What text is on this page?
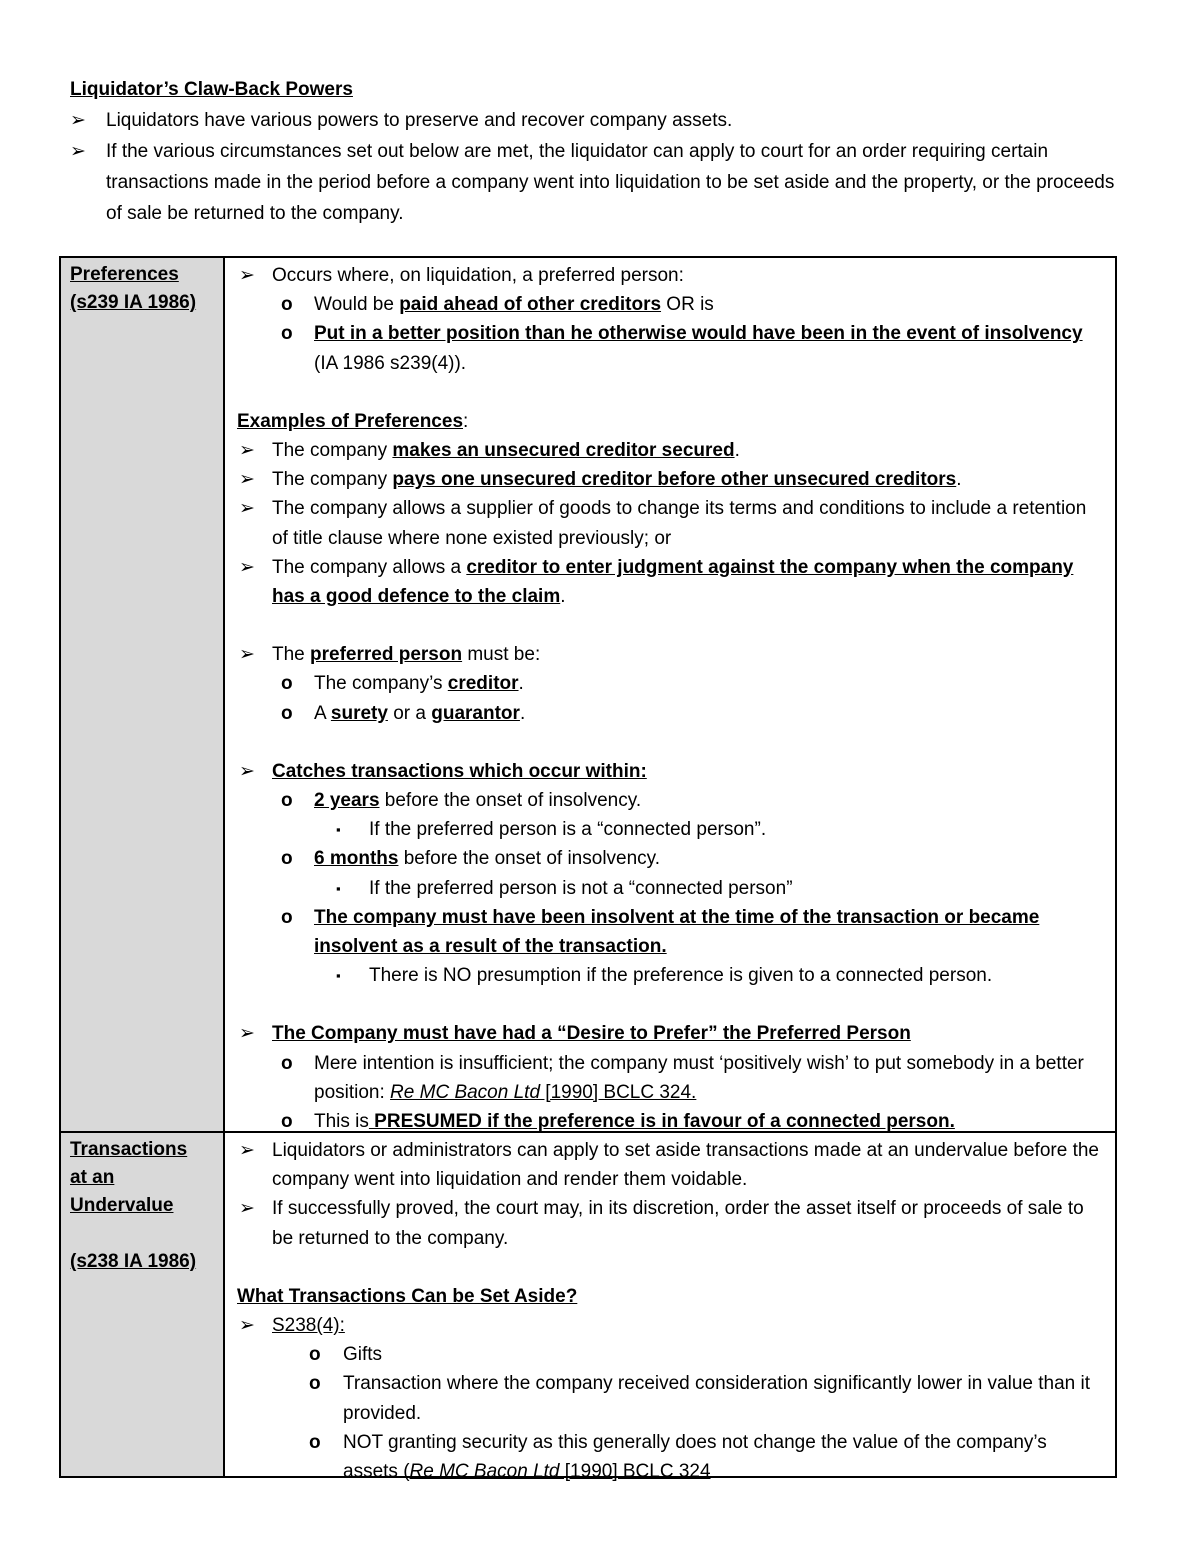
Liquidator’s Claw-Back Powers
➢ Liquidators have various powers to preserve and recover company assets.
➢ If the various circumstances set out below are met, the liquidator can apply to court for an order requiring certain transactions made in the period before a company went into liquidation to be set aside and the property, or the proceeds of sale be returned to the company.
Preferences
(s239 IA 1986)
➢ Occurs where, on liquidation, a preferred person:
o Would be paid ahead of other creditors OR is
o Put in a better position than he otherwise would have been in the event of insolvency (IA 1986 s239(4)).
Examples of Preferences:
➢ The company makes an unsecured creditor secured.
➢ The company pays one unsecured creditor before other unsecured creditors.
➢ The company allows a supplier of goods to change its terms and conditions to include a retention of title clause where none existed previously; or
➢ The company allows a creditor to enter judgment against the company when the company has a good defence to the claim.
➢ The preferred person must be:
o The company’s creditor.
o A surety or a guarantor.
➢ Catches transactions which occur within:
o 2 years before the onset of insolvency.
▪ If the preferred person is a “connected person”.
o 6 months before the onset of insolvency.
▪ If the preferred person is not a “connected person”
o The company must have been insolvent at the time of the transaction or became insolvent as a result of the transaction.
▪ There is NO presumption if the preference is given to a connected person.
➢ The Company must have had a “Desire to Prefer” the Preferred Person
o Mere intention is insufficient; the company must ‘positively wish’ to put somebody in a better position: Re MC Bacon Ltd [1990] BCLC 324.
o This is PRESUMED if the preference is in favour of a connected person.
Transactions
at an
Undervalue
(s238 IA 1986)
➢ Liquidators or administrators can apply to set aside transactions made at an undervalue before the company went into liquidation and render them voidable.
➢ If successfully proved, the court may, in its discretion, order the asset itself or proceeds of sale to be returned to the company.
What Transactions Can be Set Aside?
➢ S238(4):
o Gifts
o Transaction where the company received consideration significantly lower in value than it provided.
o NOT granting security as this generally does not change the value of the company’s assets (Re MC Bacon Ltd [1990] BCLC 324
